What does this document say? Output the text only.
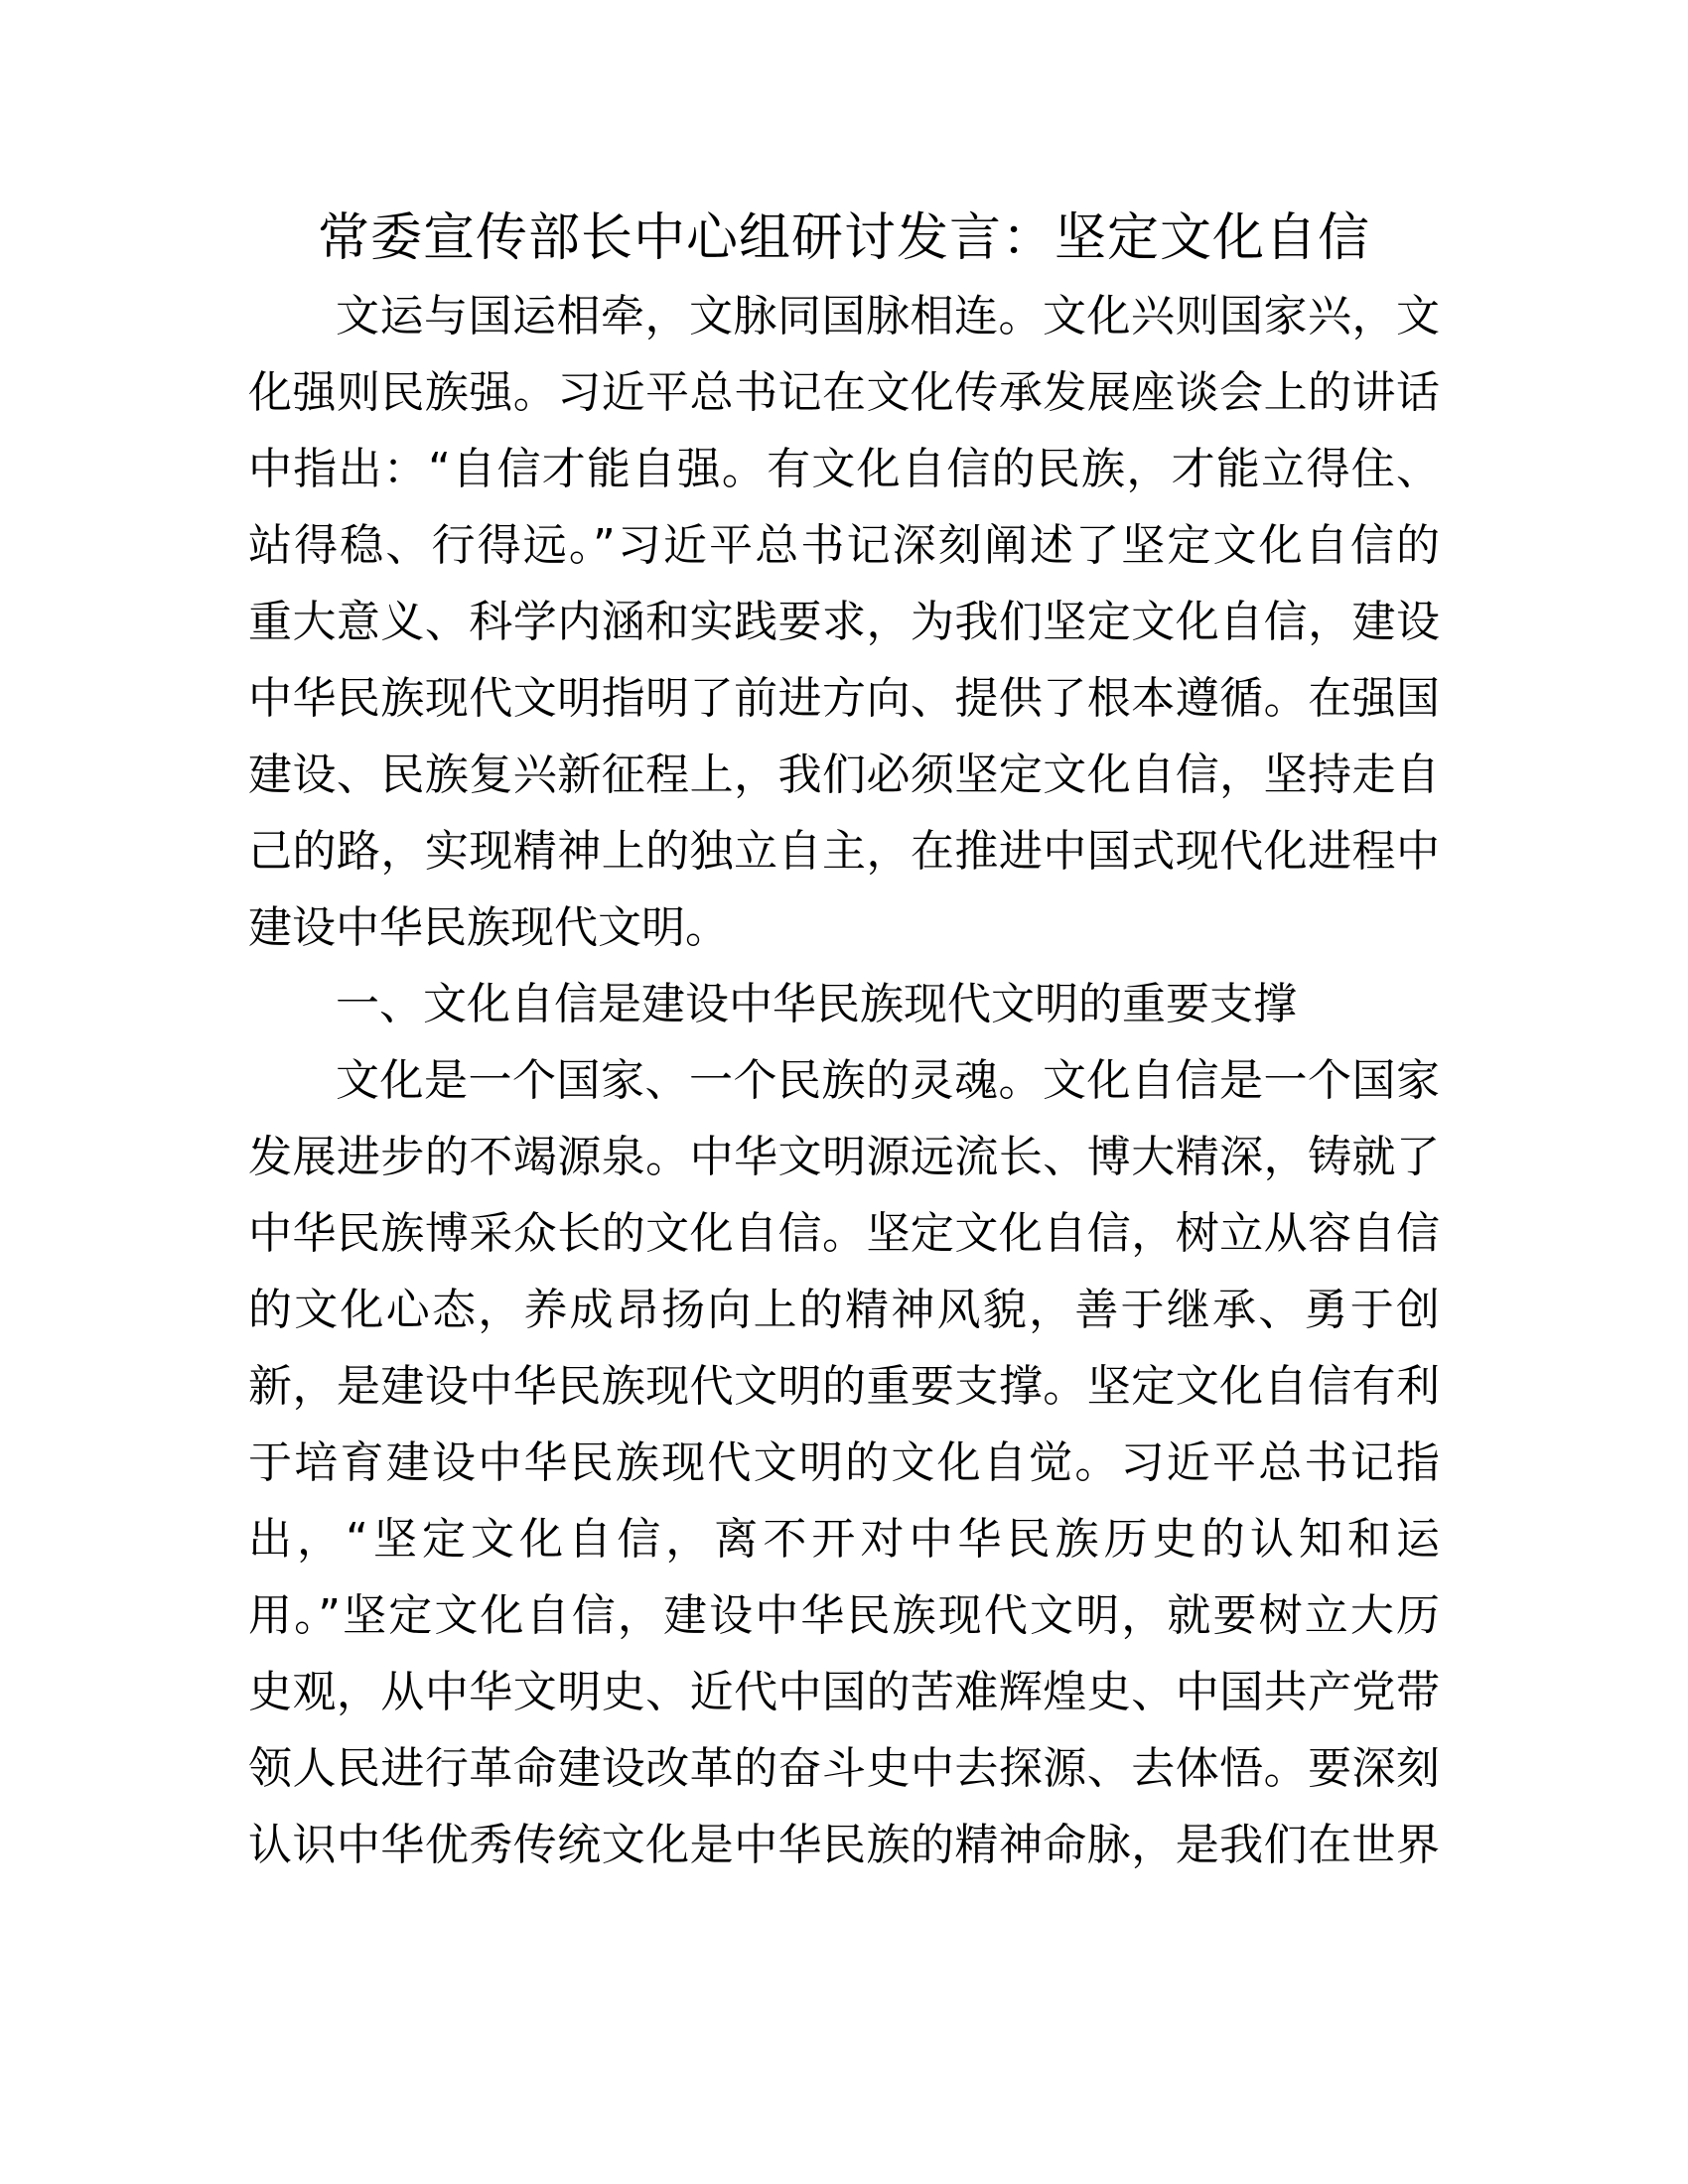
常委宣传部长中心组研讨发言：坚定文化自信
文运与国运相牵，文脉同国脉相连。文化兴则国家兴，文
化强则民族强。习近平总书记在文化传承发展座谈会上的讲话
中指出：“自信才能自强。有文化自信的民族，才能立得住、
站得稳、行得远。”习近平总书记深刻阐述了坚定文化自信的
重大意义、科学内涵和实践要求，为我们坚定文化自信，建设
中华民族现代文明指明了前进方向、提供了根本遵循。在强国
建设、民族复兴新征程上，我们必须坚定文化自信，坚持走自
己的路，实现精神上的独立自主，在推进中国式现代化进程中
建设中华民族现代文明。
一、文化自信是建设中华民族现代文明的重要支撑
文化是一个国家、一个民族的灵魂。文化自信是一个国家
发展进步的不竭源泉。中华文明源远流长、博大精深，铸就了
中华民族博采众长的文化自信。坚定文化自信，树立从容自信
的文化心态，养成昂扬向上的精神风貌，善于继承、勇于创
新，是建设中华民族现代文明的重要支撑。坚定文化自信有利
于培育建设中华民族现代文明的文化自觉。习近平总书记指
出，“坚定文化自信，离不开对中华民族历史的认知和运
用。”坚定文化自信，建设中华民族现代文明，就要树立大历
史观，从中华文明史、近代中国的苦难辉煌史、中国共产党带
领人民进行革命建设改革的奋斗史中去探源、去体悟。要深刻
认识中华优秀传统文化是中华民族的精神命脉，是我们在世界
